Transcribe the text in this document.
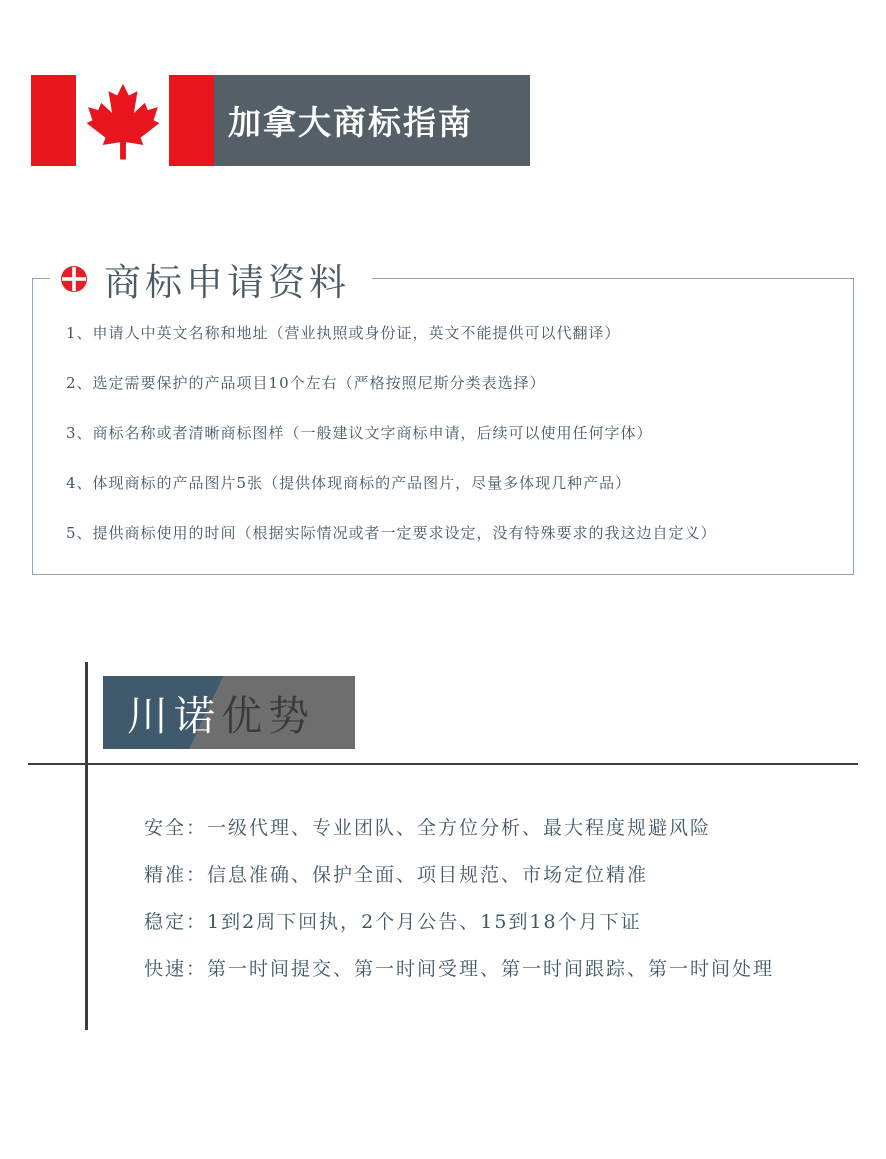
加拿大商标指南
商标申请资料
1、申请人中英文名称和地址（营业执照或身份证，英文不能提供可以代翻译）
2、选定需要保护的产品项目10个左右（严格按照尼斯分类表选择）
3、商标名称或者清晰商标图样（一般建议文字商标申请，后续可以使用任何字体）
4、体现商标的产品图片5张（提供体现商标的产品图片，尽量多体现几种产品）
5、提供商标使用的时间（根据实际情况或者一定要求设定，没有特殊要求的我这边自定义）
川诺优势
安全：一级代理、专业团队、全方位分析、最大程度规避风险
精准：信息准确、保护全面、项目规范、市场定位精准
稳定：1到2周下回执，2个月公告、15到18个月下证
快速：第一时间提交、第一时间受理、第一时间跟踪、第一时间处理
